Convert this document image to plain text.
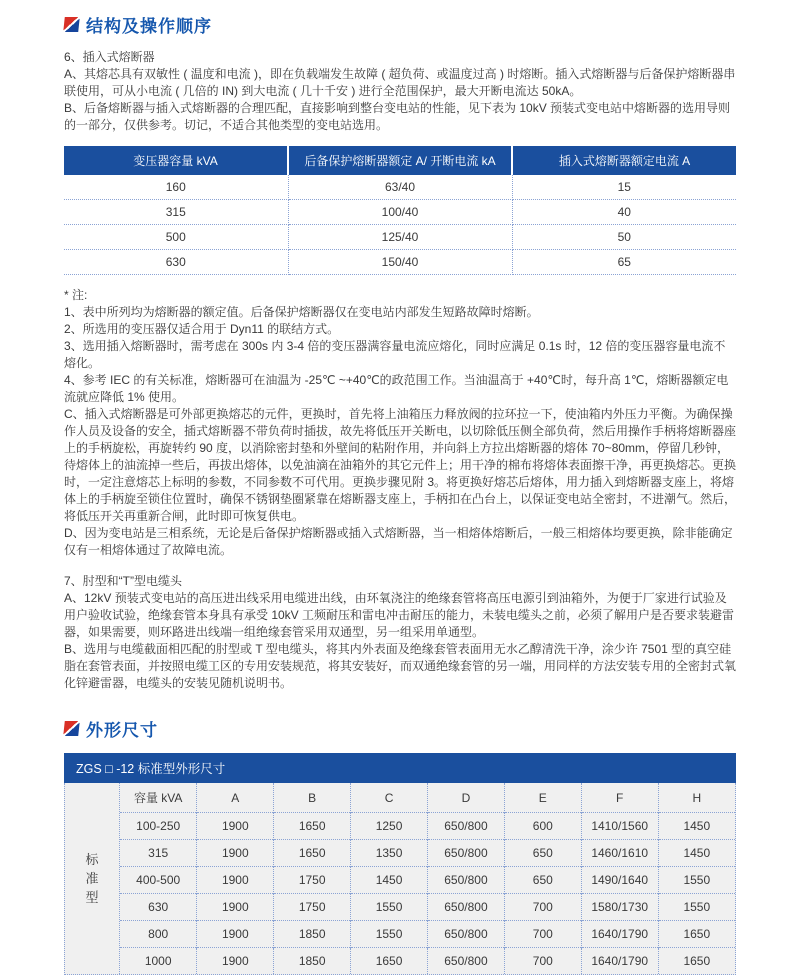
结构及操作顺序

6、插入式熔断器

A、其熔芯具有双敏性 ( 温度和电流 )，即在负载端发生故障 ( 超负荷、或温度过高 ) 时熔断。插入式熔断器与后备保护熔断器串联使用，可从小电流 ( 几倍的 IN) 到大电流 ( 几十千安 ) 进行全范围保护，最大开断电流达 50kA。

B、后备熔断器与插入式熔断器的合理匹配，直接影响到整台变电站的性能，见下表为 10kV 预装式变电站中熔断器的选用导则的一部分，仅供参考。切记，不适合其他类型的变电站选用。

变压器容量 kVA	后备保护熔断器额定 A/ 开断电流 kA	插入式熔断器额定电流 A
160	63/40	15
315	100/40	40
500	125/40	50
630	150/40	65

* 注:

1、表中所列均为熔断器的额定值。后备保护熔断器仅在变电站内部发生短路故障时熔断。

2、所选用的变压器仅适合用于 Dyn11 的联结方式。

3、选用插入熔断器时，需考虑在 300s 内 3-4 倍的变压器满容量电流应熔化，同时应满足 0.1s 时，12 倍的变压器容量电流不熔化。

4、参考 IEC 的有关标准，熔断器可在油温为 -25℃ ~+40℃的政范围工作。当油温高于 +40℃时，每升高 1℃，熔断器额定电流就应降低 1% 使用。

C、插入式熔断器是可外部更换熔芯的元件，更换时，首先将上油箱压力释放阀的拉环拉一下，使油箱内外压力平衡。为确保操作人员及设备的安全，插式熔断器不带负荷时插拔，故先将低压开关断电，以切除低压侧全部负荷，然后用操作手柄将熔断器座上的手柄旋松，再旋转约 90 度，以消除密封垫和外壁间的粘附作用，并向斜上方拉出熔断器的熔体 70~80mm，停留几秒钟，待熔体上的油流掉一些后，再拔出熔体，以免油滴在油箱外的其它元件上；用干净的棉布将熔体表面擦干净，再更换熔芯。更换时，一定注意熔芯上标明的参数，不同参数不可代用。更换步骤见附 3。将更换好熔芯后熔体，用力插入到熔断器支座上，将熔体上的手柄旋至锁住位置时，确保不锈钢垫圈紧靠在熔断器支座上，手柄扣在凸台上，以保证变电站全密封，不进潮气。然后，将低压开关再重新合闸，此时即可恢复供电。

D、因为变电站是三相系统，无论是后备保护熔断器或插入式熔断器，当一相熔体熔断后，一般三相熔体均要更换，除非能确定仅有一相熔体通过了故障电流。

7、肘型和“T”型电缆头

A、12kV 预装式变电站的高压进出线采用电缆进出线，由环氧浇注的绝缘套管将高压电源引到油箱外，为便于厂家进行试验及用户验收试验，绝缘套管本身具有承受 10kV 工频耐压和雷电冲击耐压的能力，未装电缆头之前，必须了解用户是否要求装避雷器，如果需要，则环路进出线端一组绝缘套管采用双通型，另一组采用单通型。

B、选用与电缆截面相匹配的肘型或 T 型电缆头，将其内外表面及绝缘套管表面用无水乙醇清洗干净，涂少许 7501 型的真空硅脂在套管表面，并按照电缆工区的专用安装规范，将其安装好，而双通绝缘套管的另一端，用同样的方法安装专用的全密封式氧化锌避雷器，电缆头的安装见随机说明书。

外形尺寸
ZGS □ -12 标准型外形尺寸
标准型
容量 kVA	A	B	C	D	E	F	H
100-250	1900	1650	1250	650/800	600	1410/1560	1450
315	1900	1650	1350	650/800	650	1460/1610	1450
400-500	1900	1750	1450	650/800	650	1490/1640	1550
630	1900	1750	1550	650/800	700	1580/1730	1550
800	1900	1850	1550	650/800	700	1640/1790	1650
1000	1900	1850	1650	650/800	700	1640/1790	1650
